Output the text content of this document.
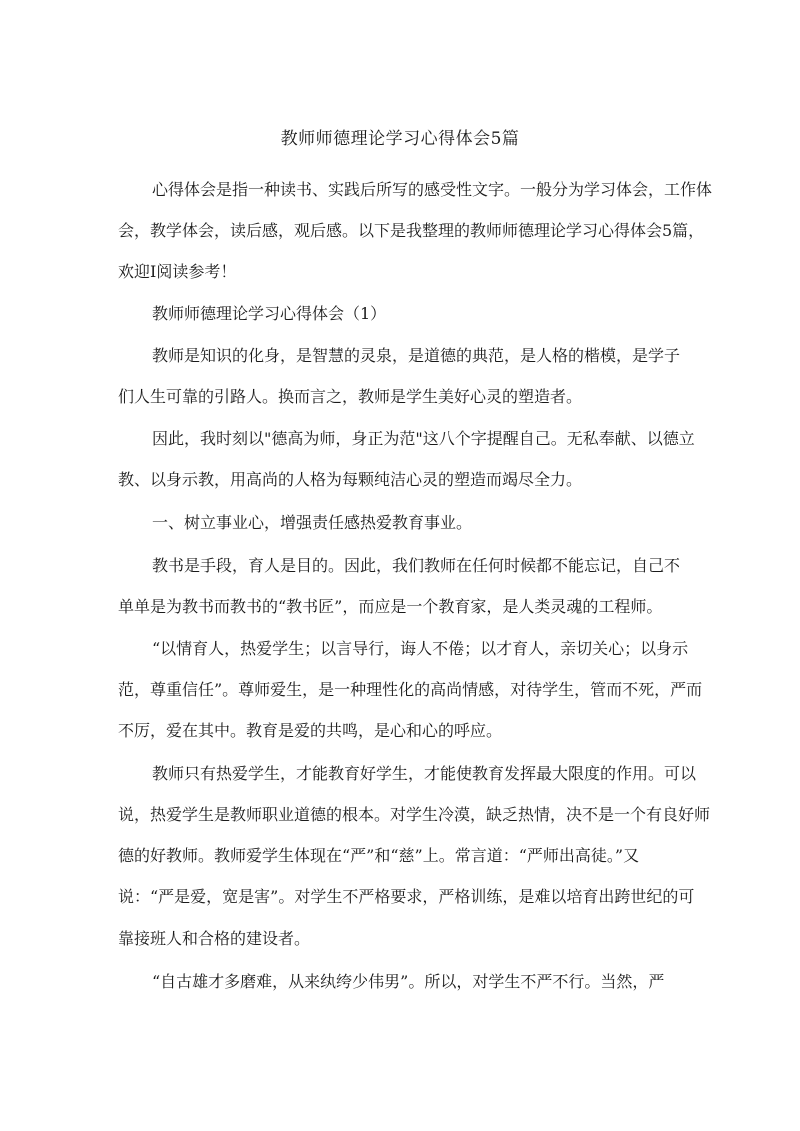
教师师德理论学习心得体会5篇
心得体会是指一种读书、实践后所写的感受性文字。一般分为学习体会，工作体
会，教学体会，读后感，观后感。以下是我整理的教师师德理论学习心得体会5篇，
欢迎I阅读参考！
教师师德理论学习心得体会（1）
教师是知识的化身，是智慧的灵泉，是道德的典范，是人格的楷模，是学子
们人生可靠的引路人。换而言之，教师是学生美好心灵的塑造者。
因此，我时刻以"德高为师，身正为范"这八个字提醒自己。无私奉献、以德立
教、以身示教，用高尚的人格为每颗纯洁心灵的塑造而竭尽全力。
一、树立事业心，增强责任感热爱教育事业。
教书是手段，育人是目的。因此，我们教师在任何时候都不能忘记，自己不
单单是为教书而教书的“教书匠”，而应是一个教育家，是人类灵魂的工程师。
“以情育人，热爱学生；以言导行，诲人不倦；以才育人，亲切关心；以身示
范，尊重信任”。尊师爱生，是一种理性化的高尚情感，对待学生，管而不死，严而
不厉，爱在其中。教育是爱的共鸣，是心和心的呼应。
教师只有热爱学生，才能教育好学生，才能使教育发挥最大限度的作用。可以
说，热爱学生是教师职业道德的根本。对学生冷漠，缺乏热情，决不是一个有良好师
德的好教师。教师爱学生体现在“严”和“慈”上。常言道：“严师出高徒。”又
说：“严是爱，宽是害”。对学生不严格要求，严格训练，是难以培育出跨世纪的可
靠接班人和合格的建设者。
“自古雄才多磨难，从来纨绔少伟男”。所以，对学生不严不行。当然，严
